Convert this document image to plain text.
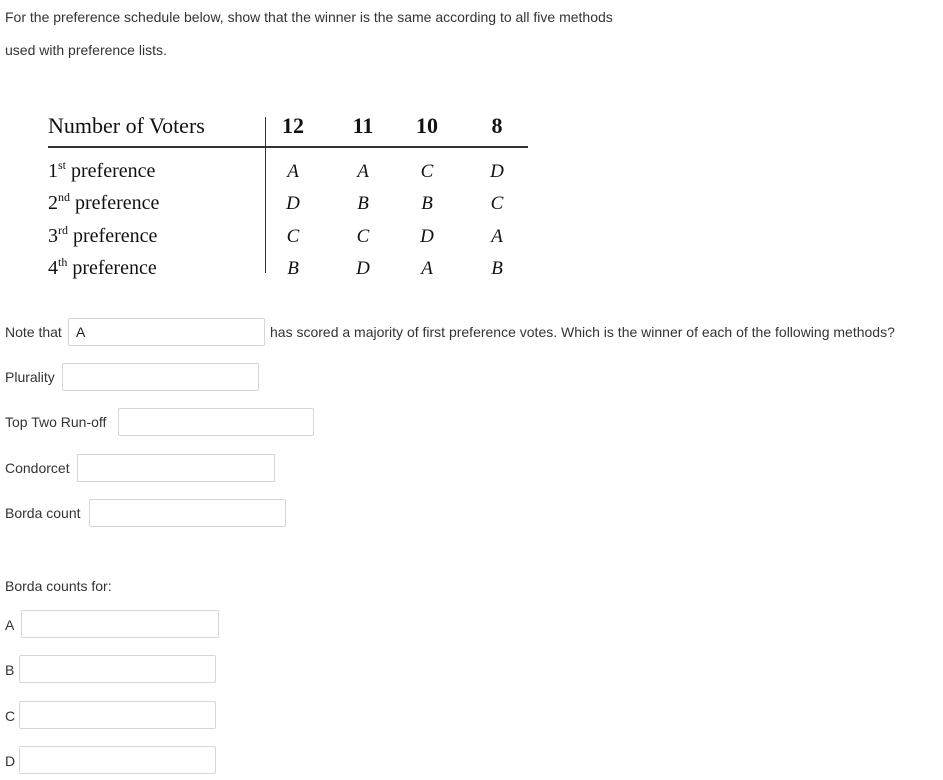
For the preference schedule below, show that the winner is the same according to all five methods
used with preference lists.
Number of Voters	12	11	10	8
1st preference	A	A	C	D
2nd preference	D	B	B	C
3rd preference	C	C	D	A
4th preference	B	D	A	B
Note that
A	has scored a majority of first preference votes. Which is the winner of each of the following methods?
Plurality
Top Two Run-off
Condorcet
Borda count
Borda counts for:
A
B
C
D
